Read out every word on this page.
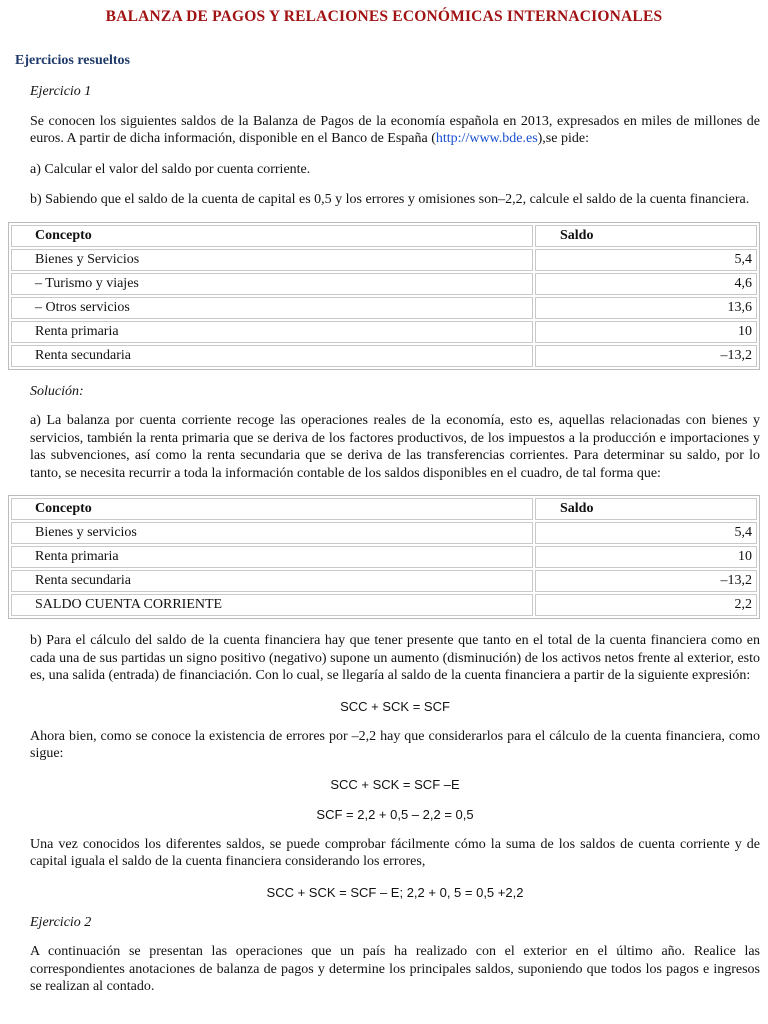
BALANZA DE PAGOS Y RELACIONES ECONÓMICAS INTERNACIONALES
Ejercicios resueltos

Ejercicio 1

Se conocen los siguientes saldos de la Balanza de Pagos de la economía española en 2013, expresados en miles de millones de euros. A partir de dicha información, disponible en el Banco de España (http://www.bde.es),se pide:

a) Calcular el valor del saldo por cuenta corriente.

b) Sabiendo que el saldo de la cuenta de capital es 0,5 y los errores y omisiones son–2,2, calcule el saldo de la cuenta financiera.

Concepto	Saldo
Bienes y Servicios	5,4
– Turismo y viajes	4,6
– Otros servicios	13,6
Renta primaria	10
Renta secundaria	–13,2

Solución:

a) La balanza por cuenta corriente recoge las operaciones reales de la economía, esto es, aquellas relacionadas con bienes y servicios, también la renta primaria que se deriva de los factores productivos, de los impuestos a la producción e importaciones y las subvenciones, así como la renta secundaria que se deriva de las transferencias corrientes. Para determinar su saldo, por lo tanto, se necesita recurrir a toda la información contable de los saldos disponibles en el cuadro, de tal forma que:

Concepto	Saldo
Bienes y servicios	5,4
Renta primaria	10
Renta secundaria	–13,2
SALDO CUENTA CORRIENTE	2,2

b) Para el cálculo del saldo de la cuenta financiera hay que tener presente que tanto en el total de la cuenta financiera como en cada una de sus partidas un signo positivo (negativo) supone un aumento (disminución) de los activos netos frente al exterior, esto es, una salida (entrada) de financiación. Con lo cual, se llegaría al saldo de la cuenta financiera a partir de la siguiente expresión:

SCC + SCK = SCF

Ahora bien, como se conoce la existencia de errores por –2,2 hay que considerarlos para el cálculo de la cuenta financiera, como sigue:

SCC + SCK = SCF –E

SCF = 2,2 + 0,5 – 2,2 = 0,5

Una vez conocidos los diferentes saldos, se puede comprobar fácilmente cómo la suma de los saldos de cuenta corriente y de capital iguala el saldo de la cuenta financiera considerando los errores,

SCC + SCK = SCF – E; 2,2 + 0, 5 = 0,5 +2,2

Ejercicio 2

A continuación se presentan las operaciones que un país ha realizado con el exterior en el último año. Realice las correspondientes anotaciones de balanza de pagos y determine los principales saldos, suponiendo que todos los pagos e ingresos se realizan al contado.
